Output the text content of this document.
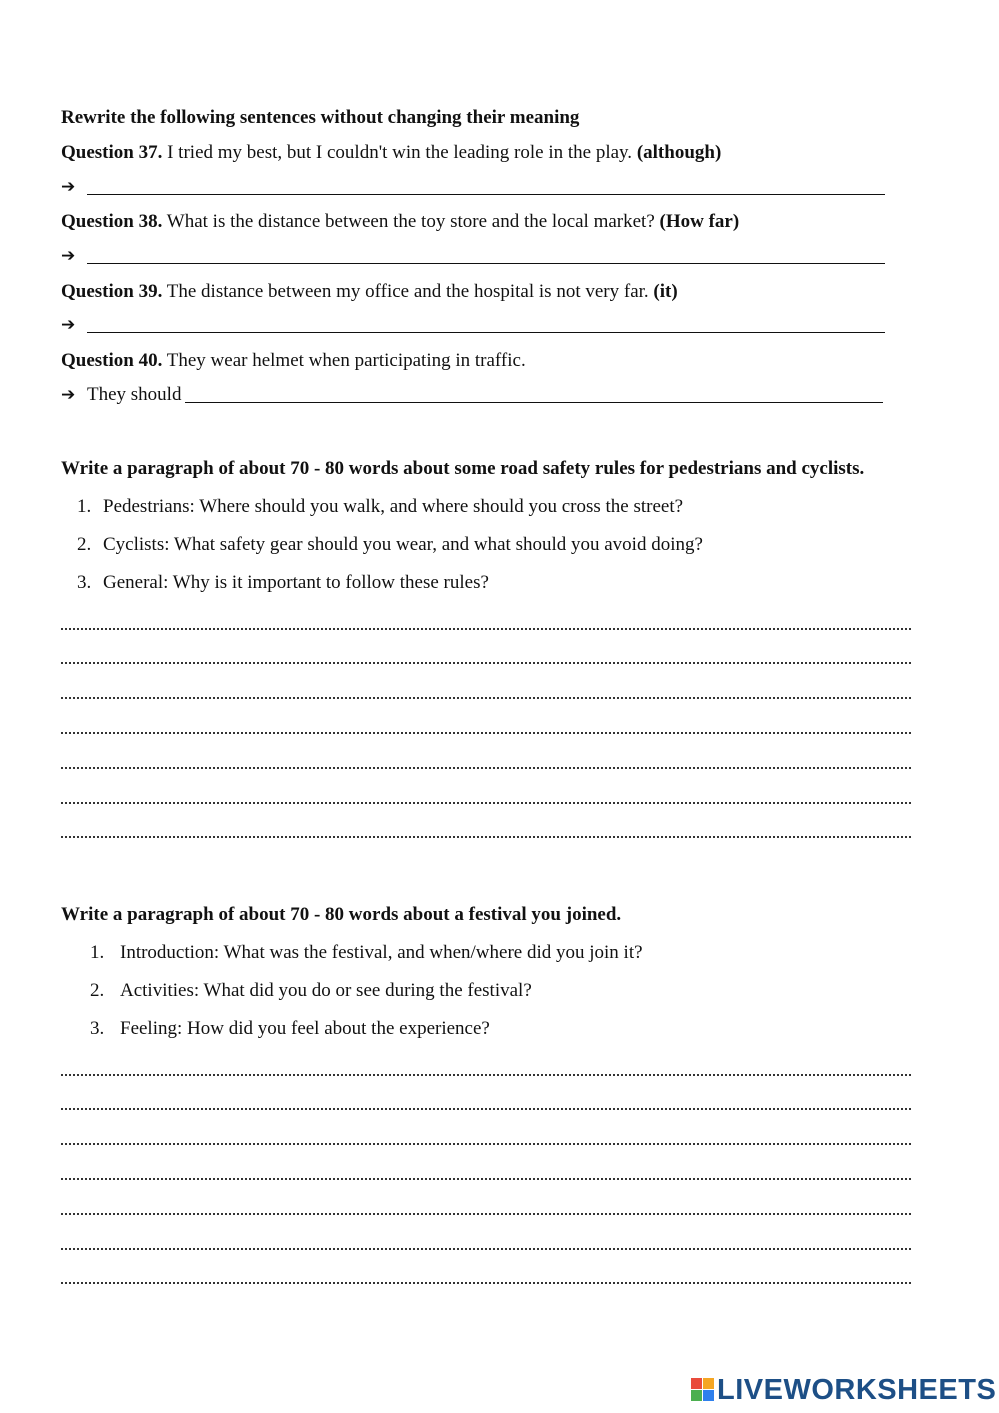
Rewrite the following sentences without changing their meaning
Question 37. I tried my best, but I couldn't win the leading role in the play. (although)
➔
Question 38. What is the distance between the toy store and the local market? (How far)
➔
Question 39. The distance between my office and the hospital is not very far. (it)
➔
Question 40. They wear helmet when participating in traffic.
➔ They should
Write a paragraph of about 70 - 80 words about some road safety rules for pedestrians and cyclists.
1. Pedestrians: Where should you walk, and where should you cross the street?
2. Cyclists: What safety gear should you wear, and what should you avoid doing?
3. General: Why is it important to follow these rules?
Write a paragraph of about 70 - 80 words about a festival you joined.
1. Introduction: What was the festival, and when/where did you join it?
2. Activities: What did you do or see during the festival?
3. Feeling: How did you feel about the experience?
LIVEWORKSHEETS
